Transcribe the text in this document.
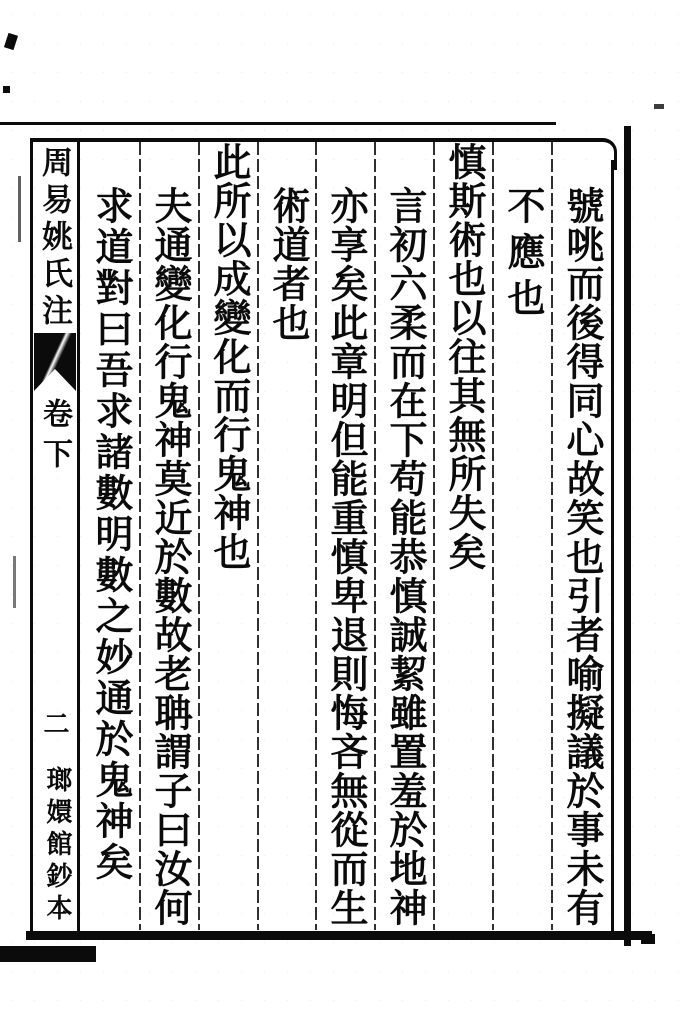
號咷而後得同心故笑也引者喻擬議於事未有
不應也
慎斯術也以往其無所失矣
言初六柔而在下苟能恭慎誠絜雖置羞於地神
亦享矣此章明但能重慎卑退則悔吝無從而生
術道者也
此所以成變化而行鬼神也
夫通變化行鬼神莫近於數故老聃謂子曰汝何
求道對曰吾求諸數明數之妙通於鬼神矣
周易姚氏注
卷下
二
瑯嬛館鈔本
